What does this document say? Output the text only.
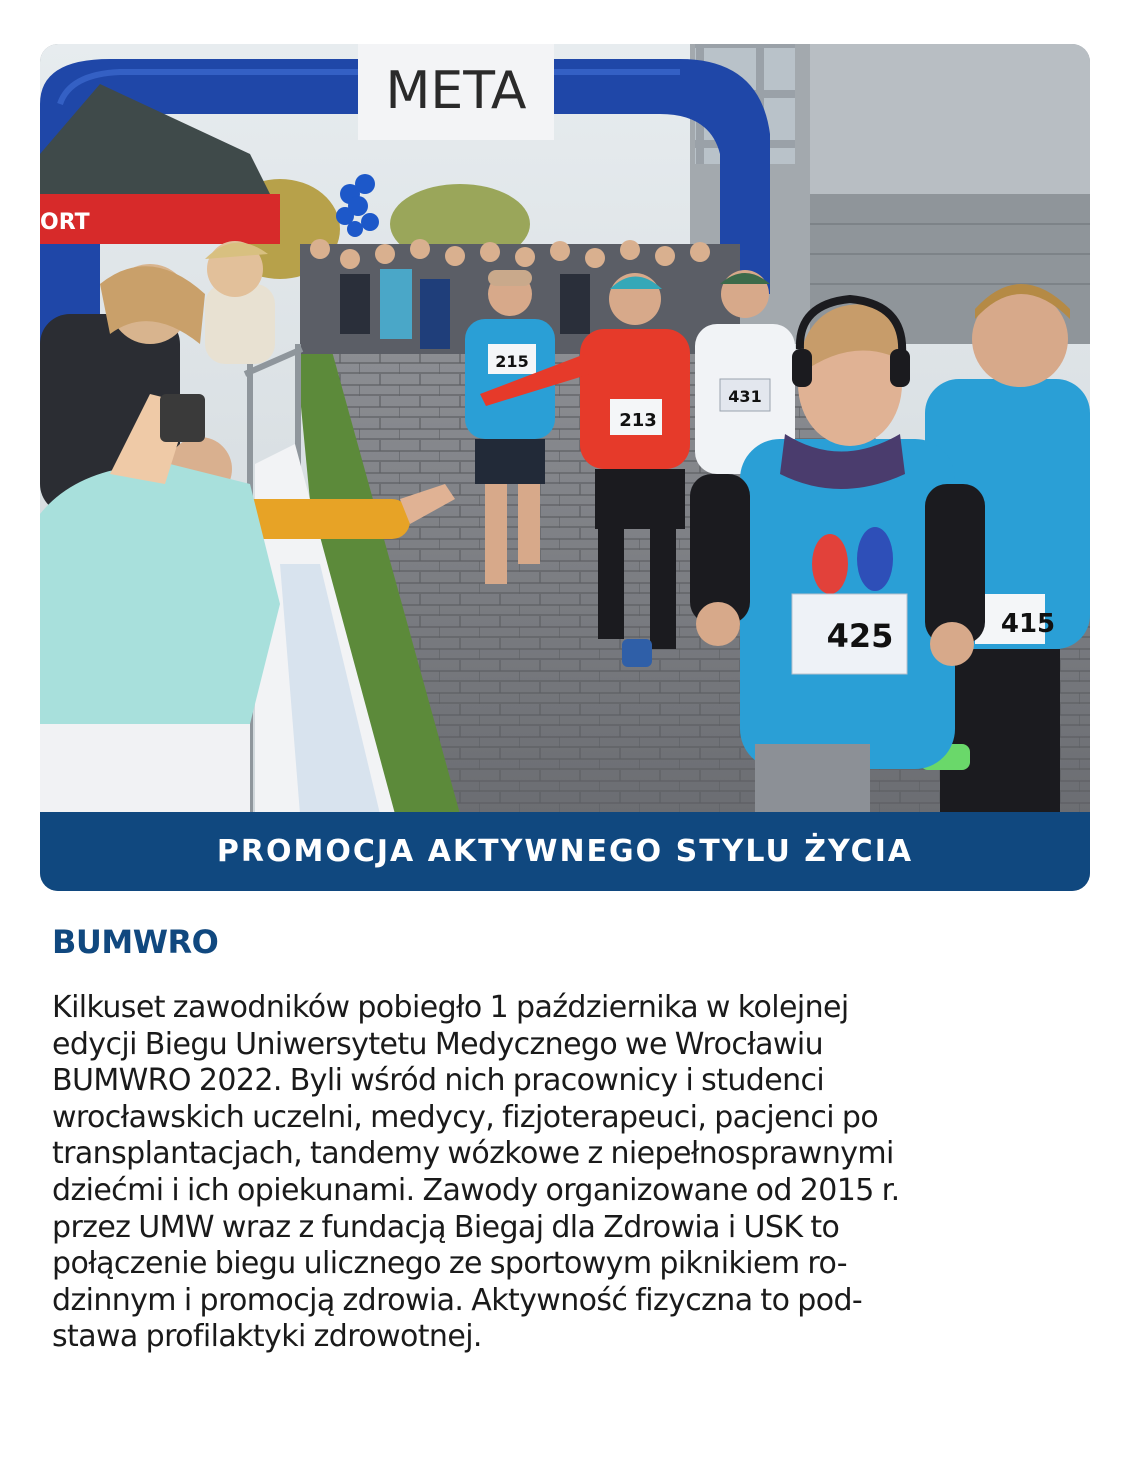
META
ORT
215
213
431
415
425
PROMOCJA AKTYWNEGO STYLU ŻYCIA
BUMWRO

Kilkuset zawodników pobiegło 1 października w kolejnej
edycji Biegu Uniwersytetu Medycznego we Wrocławiu
BUMWRO 2022. Byli wśród nich pracownicy i studenci
wrocławskich uczelni, medycy, fizjoterapeuci, pacjenci po
transplantacjach, tandemy wózkowe z niepełnosprawnymi
dziećmi i ich opiekunami. Zawody organizowane od 2015 r.
przez UMW wraz z fundacją Biegaj dla Zdrowia i USK to
połączenie biegu ulicznego ze sportowym piknikiem ro-
dzinnym i promocją zdrowia. Aktywność fizyczna to pod-
stawa profilaktyki zdrowotnej.
